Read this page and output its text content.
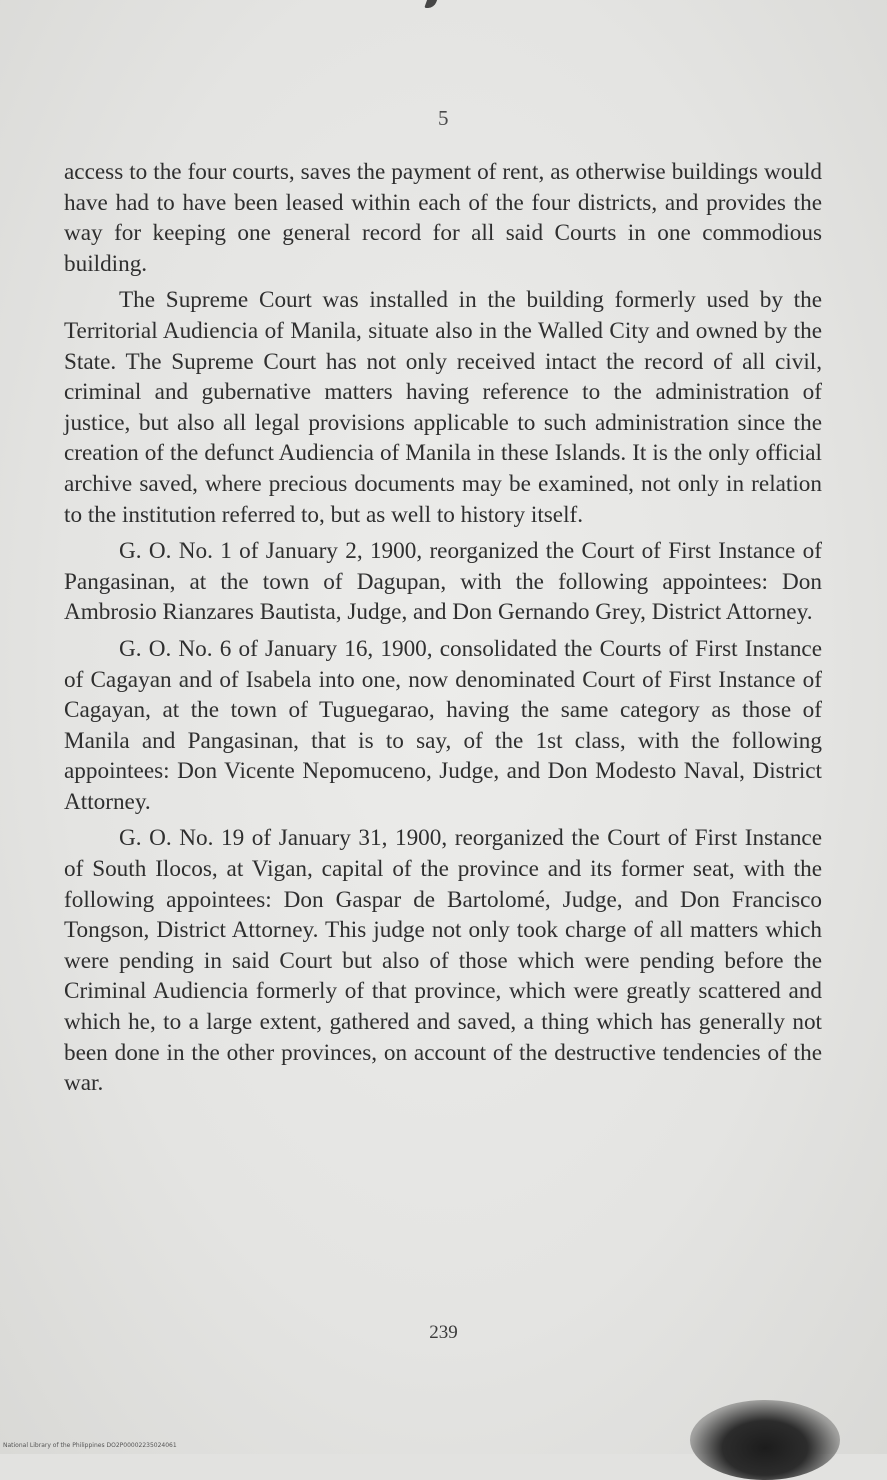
5

access to the four courts, saves the payment of rent, as otherwise buildings would have had to have been leased within each of the four districts, and provides the way for keeping one general record for all said Courts in one commodious building.

The Supreme Court was installed in the building formerly used by the Territorial Audiencia of Manila, situate also in the Walled City and owned by the State. The Supreme Court has not only received intact the record of all civil, criminal and gubernative matters having reference to the administration of justice, but also all legal provisions applicable to such administration since the creation of the defunct Audiencia of Manila in these Islands. It is the only official archive saved, where precious documents may be examined, not only in relation to the institution referred to, but as well to history itself.

G. O. No. 1 of January 2, 1900, reorganized the Court of First Instance of Pangasinan, at the town of Dagupan, with the following appointees: Don Ambrosio Rianzares Bautista, Judge, and Don Gernando Grey, District Attorney.

G. O. No. 6 of January 16, 1900, consolidated the Courts of First Instance of Cagayan and of Isabela into one, now denominated Court of First Instance of Cagayan, at the town of Tuguegarao, having the same category as those of Manila and Pangasinan, that is to say, of the 1st class, with the following appointees: Don Vicente Nepomuceno, Judge, and Don Modesto Naval, District Attorney.

G. O. No. 19 of January 31, 1900, reorganized the Court of First Instance of South Ilocos, at Vigan, capital of the province and its former seat, with the following appointees: Don Gaspar de Bartolomé, Judge, and Don Francisco Tongson, District Attorney. This judge not only took charge of all matters which were pending in said Court but also of those which were pending before the Criminal Audiencia formerly of that province, which were greatly scattered and which he, to a large extent, gathered and saved, a thing which has generally not been done in the other provinces, on account of the destructive tendencies of the war.

239
National Library of the Philippines DO2P00002235024061
